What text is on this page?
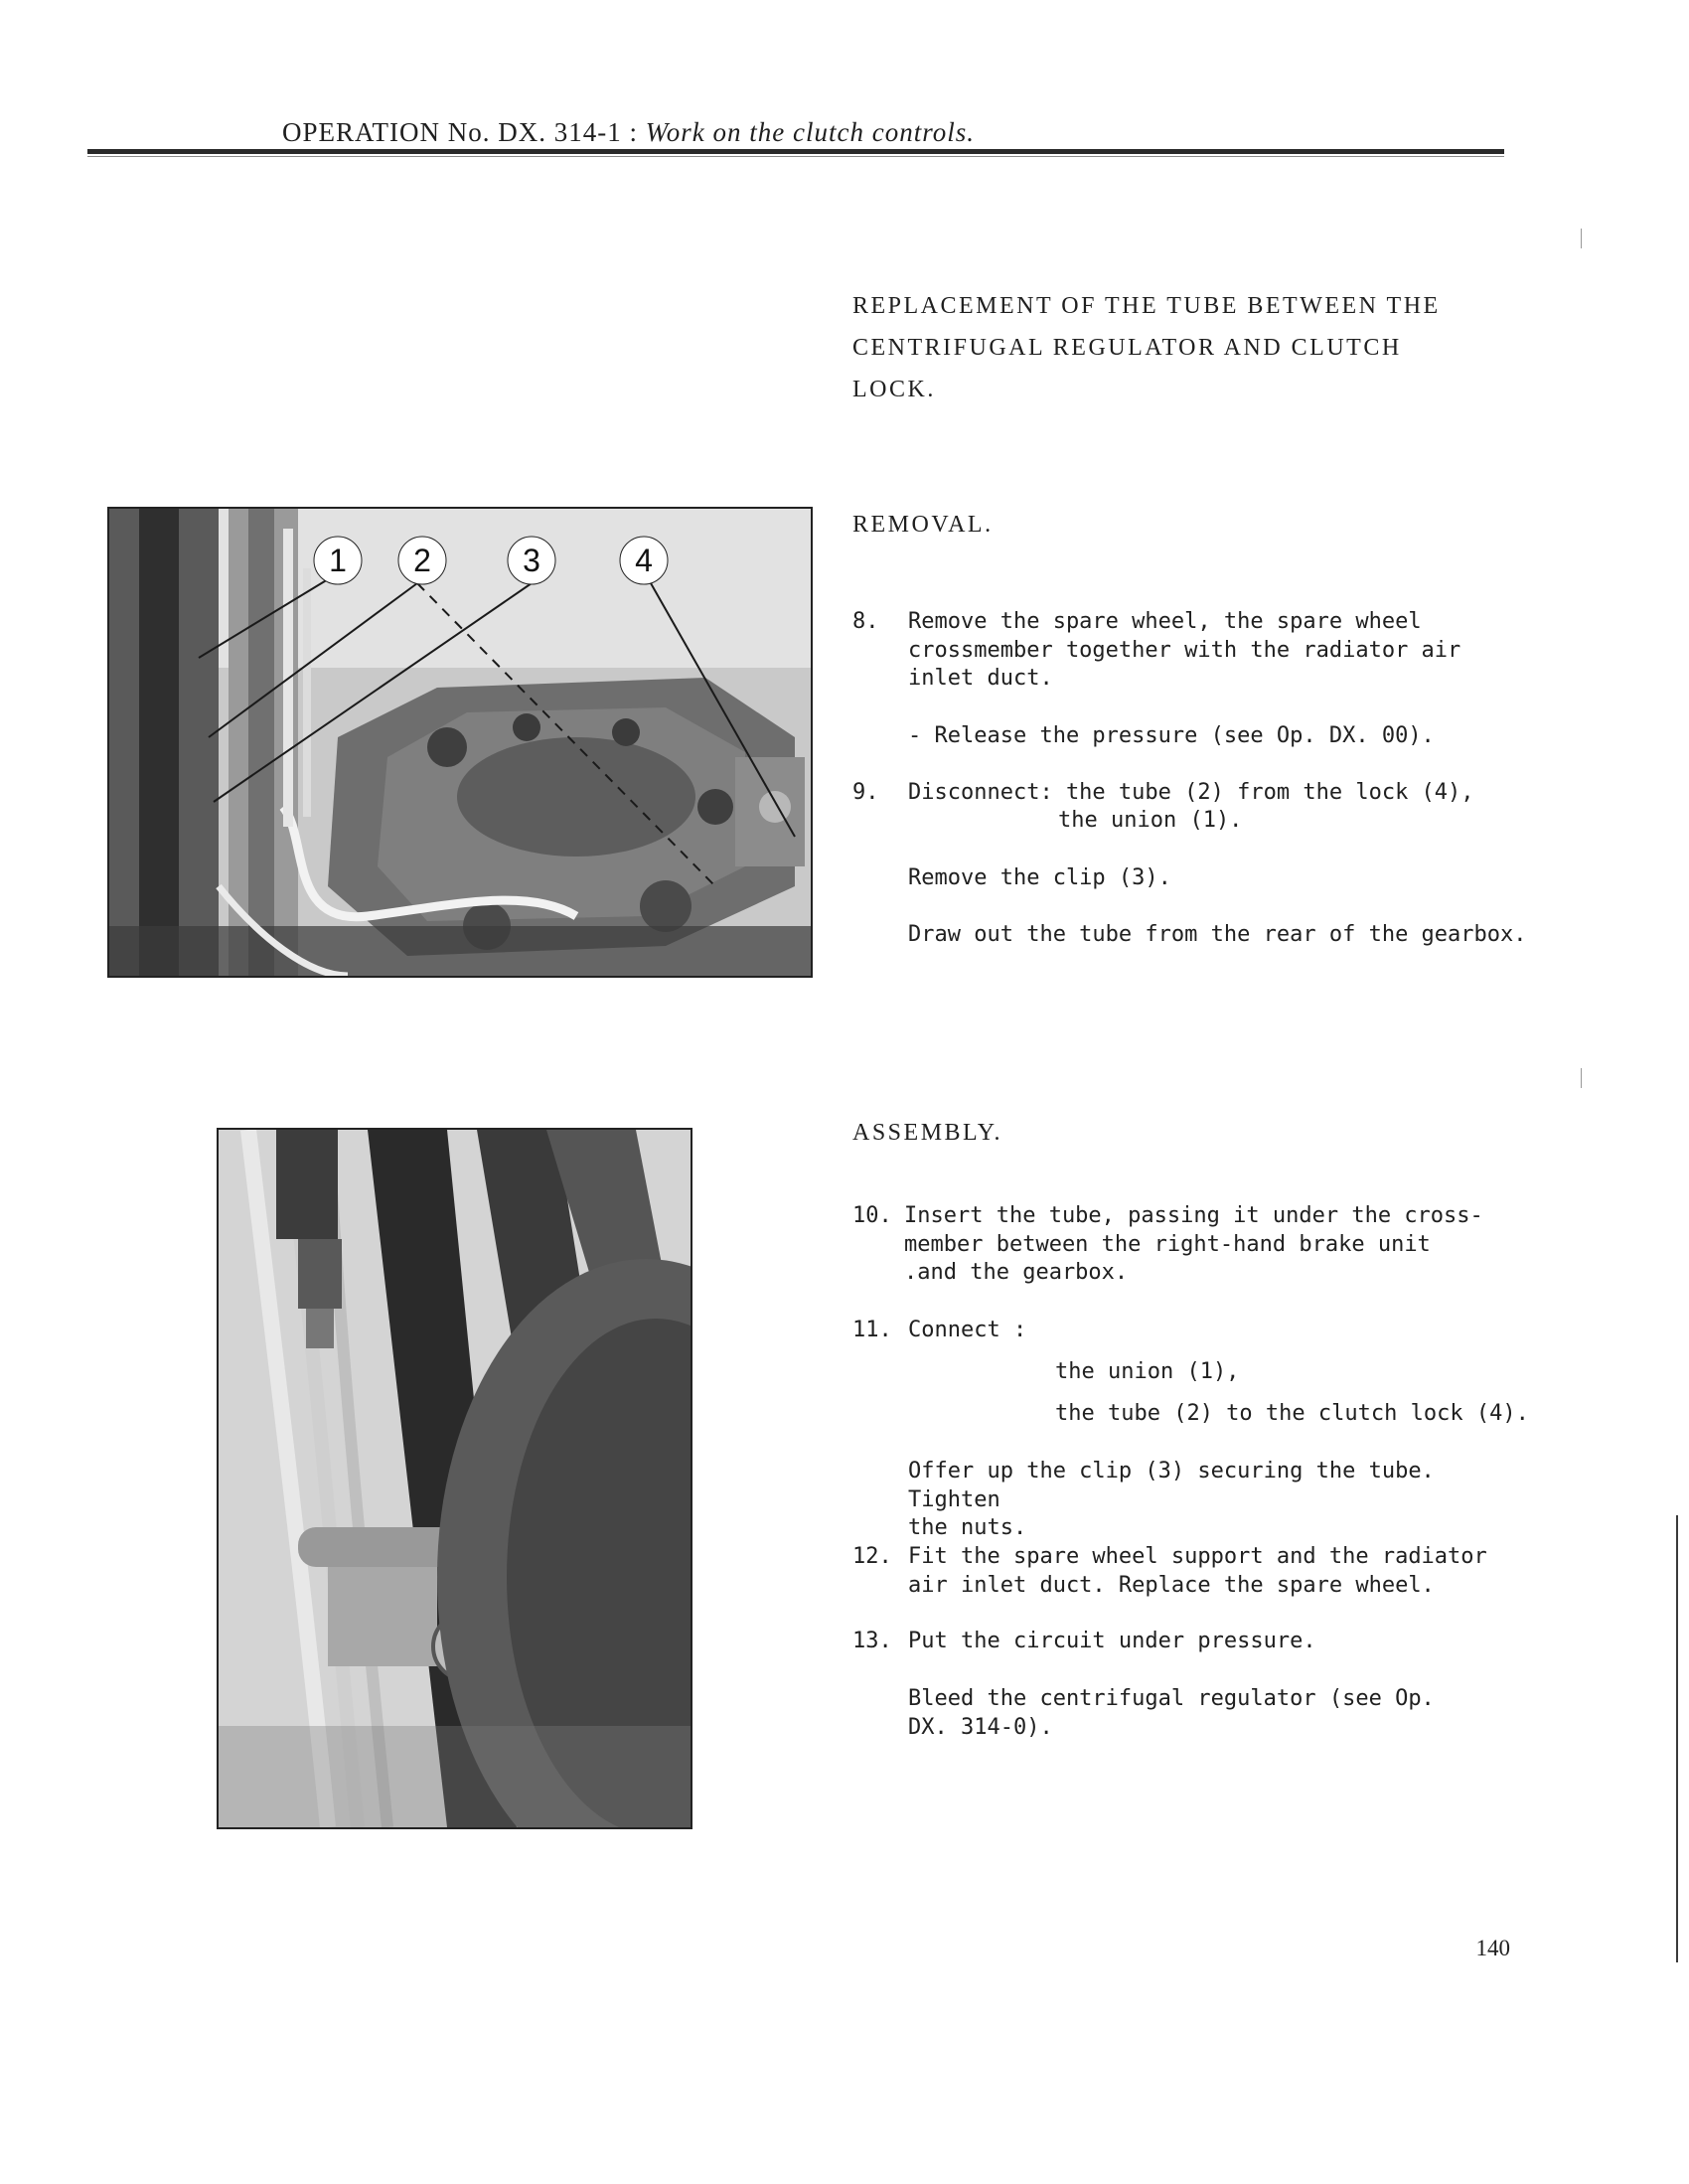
OPERATION No. DX. 314-1 : Work on the clutch controls.
REPLACEMENT OF THE TUBE BETWEEN THE
CENTRIFUGAL REGULATOR AND CLUTCH
LOCK.
1 2	3	4
REMOVAL.
8. Remove the spare wheel, the spare wheel
crossmember together with the radiator air
inlet duct.
- Release the pressure (see Op. DX. 00).
9. Disconnect: the tube (2) from the lock (4),
the union (1).
Remove the clip (3).
Draw out the tube from the rear of the gearbox.
ASSEMBLY.
10. Insert the tube, passing it under the cross-
member between the right-hand brake unit
.and the gearbox.
11. Connect :
the union (1),
the tube (2) to the clutch lock (4).
Offer up the clip (3) securing the tube. Tighten
the nuts.
12. Fit the spare wheel support and the radiator
air inlet duct. Replace the spare wheel.
13. Put the circuit under pressure.
Bleed the centrifugal regulator (see Op.
DX. 314-0).
140
